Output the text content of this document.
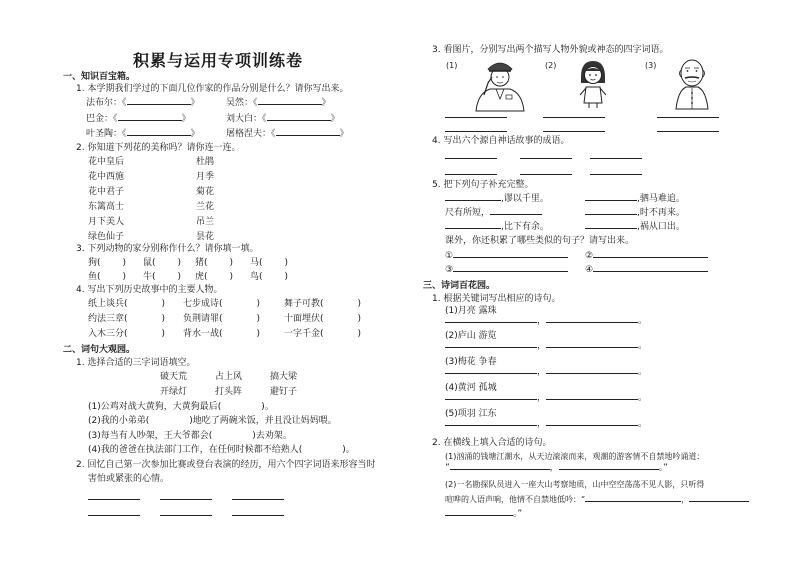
积累与运用专项训练卷
一、知识百宝箱。
1. 本学期我们学过的下面几位作家的作品分别是什么？请你写出来。
法布尔：《	》	吴然：《	》
巴金：《	》	刘大白：《	》
叶圣陶：《	》	屠格涅夫：《	》
2. 你知道下列花的美称吗？请你连一连。
花中皇后
花中西施
花中君子
东篱高士
月下美人
绿色仙子
杜鹃
月季
菊花
兰花
吊兰
昙花
3. 下列动物的家分别称作什么？请你填一填。
狗( ) 鼠( ) 猪( ) 马( )
鱼( ) 牛( ) 虎( ) 鸟( )
4. 写出下列历史故事中的主要人物。
纸上谈兵(	) 七步成诗(	)	舞子可教(	)
约法三章(	) 负荆请罪(	)	十面埋伏(	)
入木三分(	) 背水一战(	)	一字千金(	)
二、词句大观园。
1. 选择合适的三字词语填空。
破天荒	占上风	搞大梁
开绿灯	打头阵	避钉子
(1)公鸡对战大黄狗，大黄狗最后(	)。
(2)我的小弟弟(	)地吃了两碗米饭，并且没让妈妈喂。
(3)每当有人吵架，王大爷都会(	)去劝架。
(4)我的爸爸在执法部门工作，在任何时候都不给熟人(	)。
2. 回忆自己第一次参加比赛或登台表演的经历，用六个四字词语来形容当时
害怕或紧张的心情。
3. 看图片，分别写出两个描写人物外貌或神态的四字词语。
(1)	(2)	(3)
4. 写出六个源自神话故事的成语。
5. 把下列句子补充完整。
,谬以千里。	,驷马难追。
尺有所短，	,时不再来。
,比下有余。	,祸从口出。
课外，你还积累了哪些类似的句子？请写出来。
①	②
③	④
三、诗词百花园。
1. 根据关键词写出相应的诗句。
(1)月亮 露珠
，	。
(2)庐山 游览
，	。
(3)梅花 争春
，	。
(4)黄河 孤城
，	。
(5)项羽 江东
，	。
2. 在横线上填入合适的诗句。
(1)汹涌的钱塘江潮水，从天边滚滚而来，观潮的游客情不自禁地吟诵道：
”	，	。”
(2)一名勘探队员进入一座大山考察地质，山中空空荡荡不见人影，只听得
喧哗的人语声响，他情不自禁地低吟：“	，
。”
